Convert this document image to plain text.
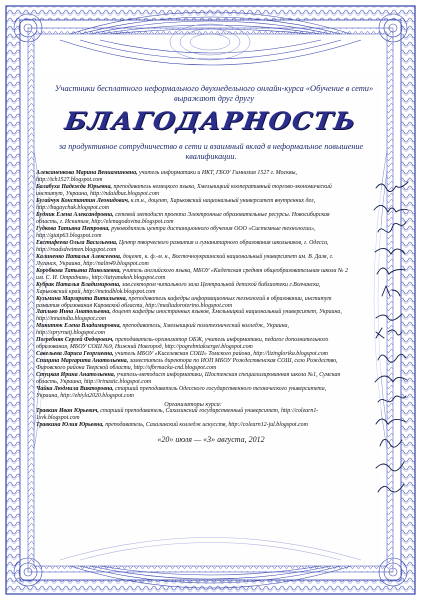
Участники бесплатного неформального двухнедельного онлайн-курса «Обучение в сети» выражают друг другу
БЛАГОДАРНОСТЬ
за продуктивное сотрудничество в сети и взаимный вклад в неформальное повышение квалификации.

Алексаненкова Марина Вениаминовна, учитель информатики и ИКТ, ГБОУ Гимназия 1527 г. Москвы, http://tch1527.blogspot.com

Балабуха Надежда Юрьевна, преподаватель немецкого языка, Хмельницкий кооперативный торгово-экономический институт, Украина, http://ndaidbuz.blogspot.com

Бугайчук Константин Леонидович, к.т.н., доцент, Харьковский национальный университет внутренних дел, http://bugaychuk.blogspot.com

Будник Елена Александровна, сетевой методист проекта Электронные образовательные ресурсы. Новосибирская область, г. Искитим, http://elenagodovina.blogspot.com

Гудкова Татьяна Петровна, руководитель центра дистанционного обучения ООО «Системные технологии», http://gtatp63.blogspot.com

Евстифеева Ольга Васильевна, Центр творческого развития и гуманитарного образования школьников, г. Одесса, http://roadsdvetmen.blogspot.com

Калиненко Наталья Алексеевна, доцент, к. ф.-м. н., Восточноукраинский национальный университет им. В. Даля, г. Луганск, Украина, http://nalin49.blogspot.com

Коробкова Татьяна Николаевна, учитель английского языка, МБОУ «Кадетская средняя общеобразовательная школа № 2 им. С. И. Отрадная», http://tatyanakoh.blogspot.com

Кубрак Наталья Владимировна, зав.сектором читального зала Центральной детской библиотеки г.Волчанска, Харьковский край, http://metodblok.blogspot.com

Кузьмина Маргарита Витальевна, преподаватель кафедры информационных технологий в образовании, институт развития образования Кировской области, http://mediadoroterino.blogspot.com

Лаплько Инна Анатольевна, доцент кафедры иностранных языков, Хмельницкий национальный университет, Украина, http://innaindia.blogspot.com

Микитюк Елена Владимировна, преподаватель, Хмельницкий политехнический колледж, Украина, http://spryrnaij.blogspot.com

Погребняк Сергей Федорович, преподаватель-организатор ОБЖ, учитель информатики, педагог дополнительного образования, МБОУ СОШ №9, Нижний Новгород, http://pogrebniaksergei.blogspot.com

Савельева Лариса Георгиевна, учитель МБОУ «Киселевская СОШ» Томского района, http://lizinglorika.blogspot.com

Спицина Маргарита Анатольевна, заместитель директора по ИОП МБОУ Рождественская СОШ, село Рождество, Фировского района Тверской области, http://sfbrmacka-cnd.blogspot.com

Стуцкая Ирина Анатольевна, учитель-методист информатики, Шостенская специализированная школа №1, Сумская область, Украина, http://irinastic.blogspot.com

Чайка Людмила Викторовна, старший преподаватель Одесского государственного технического университета, Украина, http://ehiyla2020.blogspot.com

Организаторы курса:

Травкин Иван Юрьевич, старший преподаватель, Сахалинский государственный университет, http://colearn1-1svk.blogspot.com

Травкина Юлия Юрьевна, преподаватель, Сахалинский колледж искусств, http://colearn12-jul.blogspot.com

«20» июля — «3» августа, 2012
